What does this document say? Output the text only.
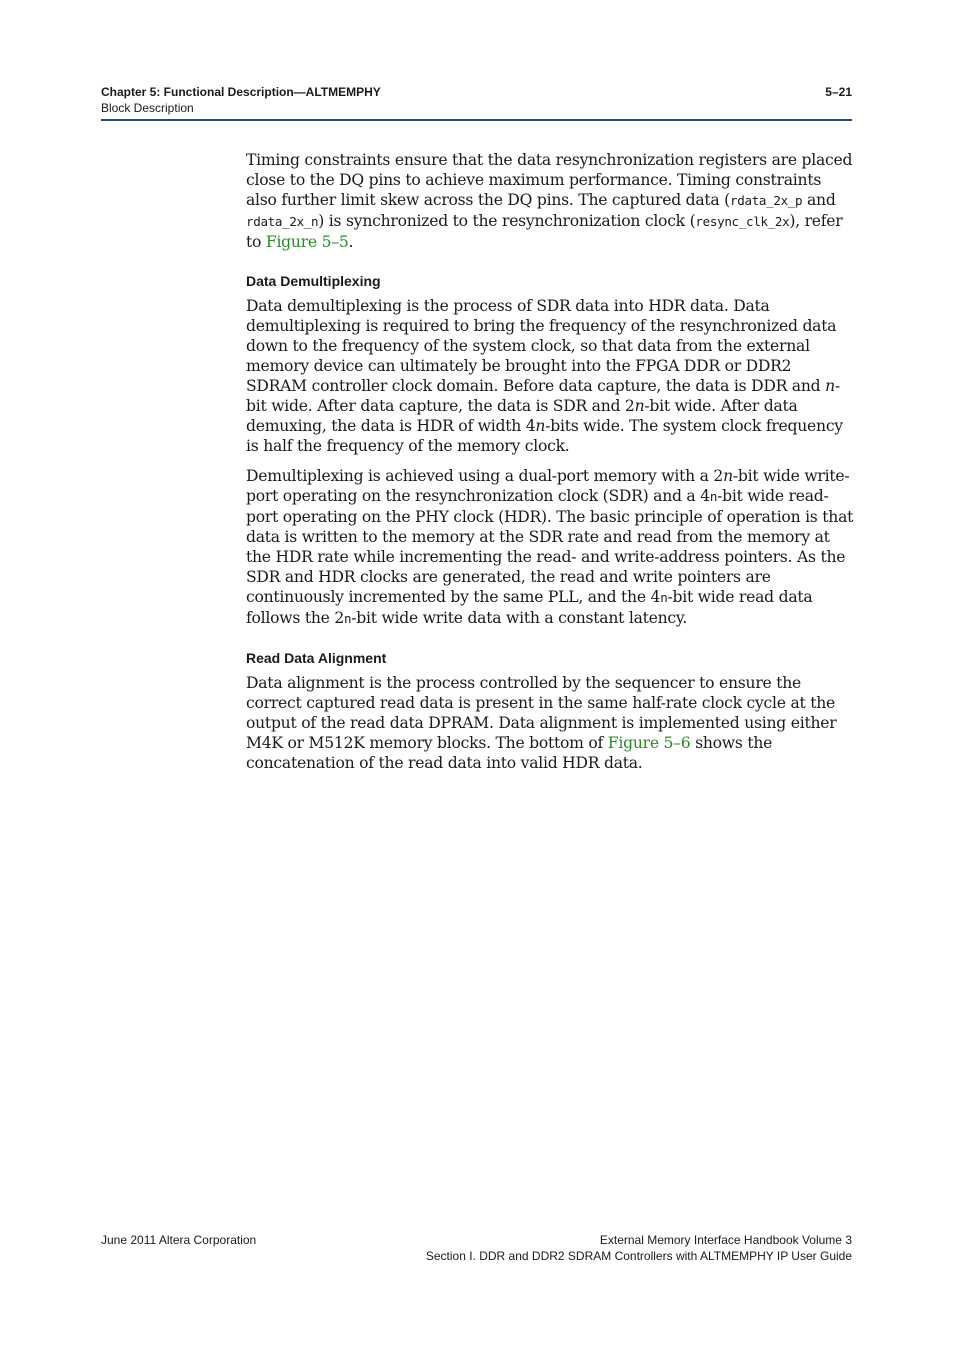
Chapter 5: Functional Description—ALTMEMPHY
Block Description
5–21

Timing constraints ensure that the data resynchronization registers are placed close to the DQ pins to achieve maximum performance. Timing constraints also further limit skew across the DQ pins. The captured data (rdata_2x_p and rdata_2x_n) is synchronized to the resynchronization clock (resync_clk_2x), refer to Figure 5–5.

Data Demultiplexing

Data demultiplexing is the process of SDR data into HDR data. Data demultiplexing is required to bring the frequency of the resynchronized data down to the frequency of the system clock, so that data from the external memory device can ultimately be brought into the FPGA DDR or DDR2 SDRAM controller clock domain. Before data capture, the data is DDR and n-bit wide. After data capture, the data is SDR and 2n-bit wide. After data demuxing, the data is HDR of width 4n-bits wide. The system clock frequency is half the frequency of the memory clock.

Demultiplexing is achieved using a dual-port memory with a 2n-bit wide write-port operating on the resynchronization clock (SDR) and a 4n-bit wide read-port operating on the PHY clock (HDR). The basic principle of operation is that data is written to the memory at the SDR rate and read from the memory at the HDR rate while incrementing the read- and write-address pointers. As the SDR and HDR clocks are generated, the read and write pointers are continuously incremented by the same PLL, and the 4n-bit wide read data follows the 2n-bit wide write data with a constant latency.

Read Data Alignment

Data alignment is the process controlled by the sequencer to ensure the correct captured read data is present in the same half-rate clock cycle at the output of the read data DPRAM. Data alignment is implemented using either M4K or M512K memory blocks. The bottom of Figure 5–6 shows the concatenation of the read data into valid HDR data.

June 2011 Altera Corporation	External Memory Interface Handbook Volume 3
Section I. DDR and DDR2 SDRAM Controllers with ALTMEMPHY IP User Guide
